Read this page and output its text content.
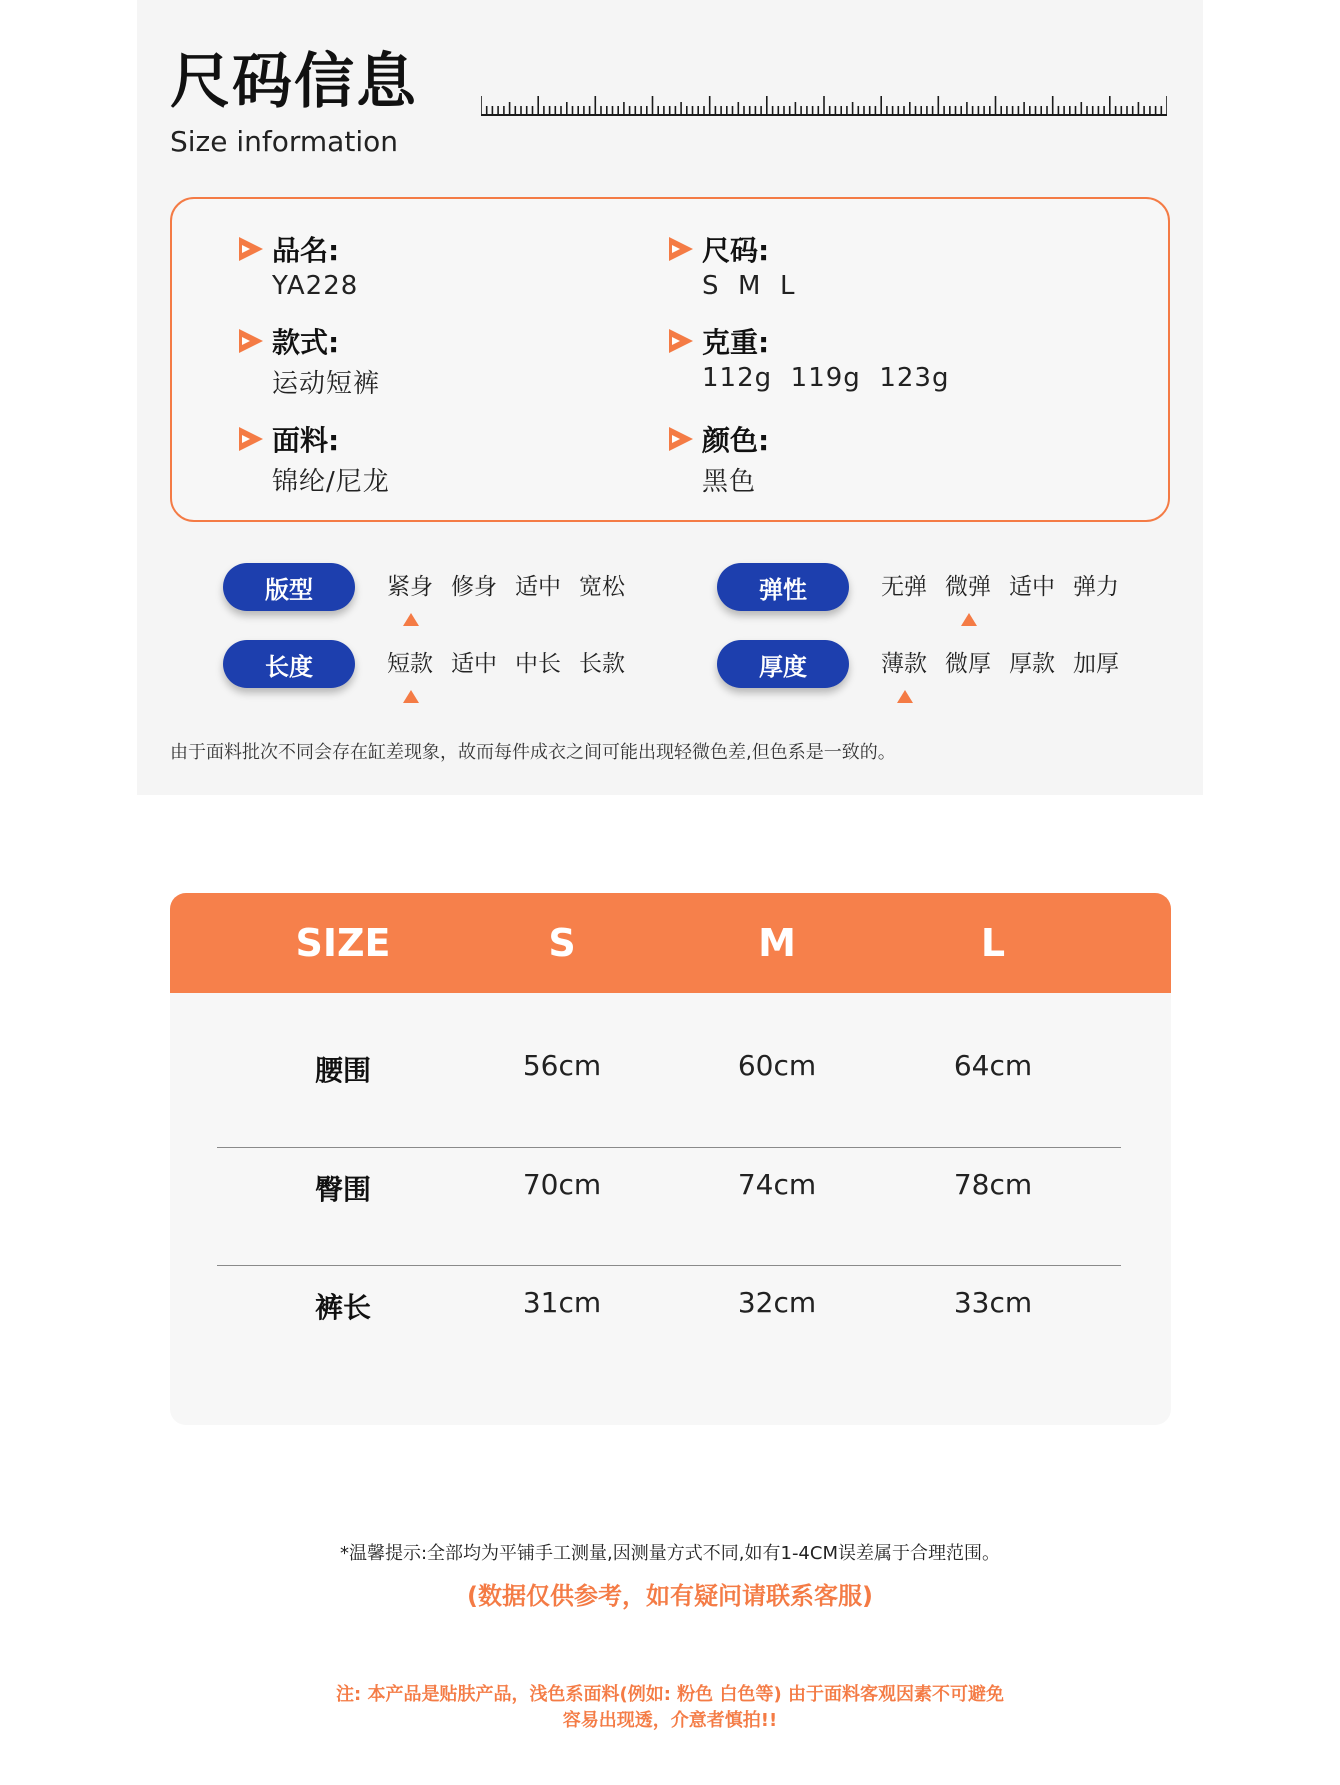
尺码信息
Size information
品名:
YA228
款式:
运动短裤
面料:
锦纶/尼龙
尺码:
S  M  L
克重:
112g  119g  123g
颜色:
黑色
版型	紧身 修身 适中 宽松	弹性	无弹 微弹 适中 弹力
长度	短款 适中 中长 长款	厚度	薄款 微厚 厚款 加厚
由于面料批次不同会存在缸差现象，故而每件成衣之间可能出现轻微色差,但色系是一致的。
SIZE	S	M	L
腰围	56cm	60cm	64cm
臀围	70cm	74cm	78cm
裤长	31cm	32cm	33cm
*温馨提示:全部均为平铺手工测量,因测量方式不同,如有1-4CM误差属于合理范围。
(数据仅供参考，如有疑问请联系客服)
注: 本产品是贴肤产品，浅色系面料(例如: 粉色 白色等) 由于面料客观因素不可避免
容易出现透，介意者慎拍!!
